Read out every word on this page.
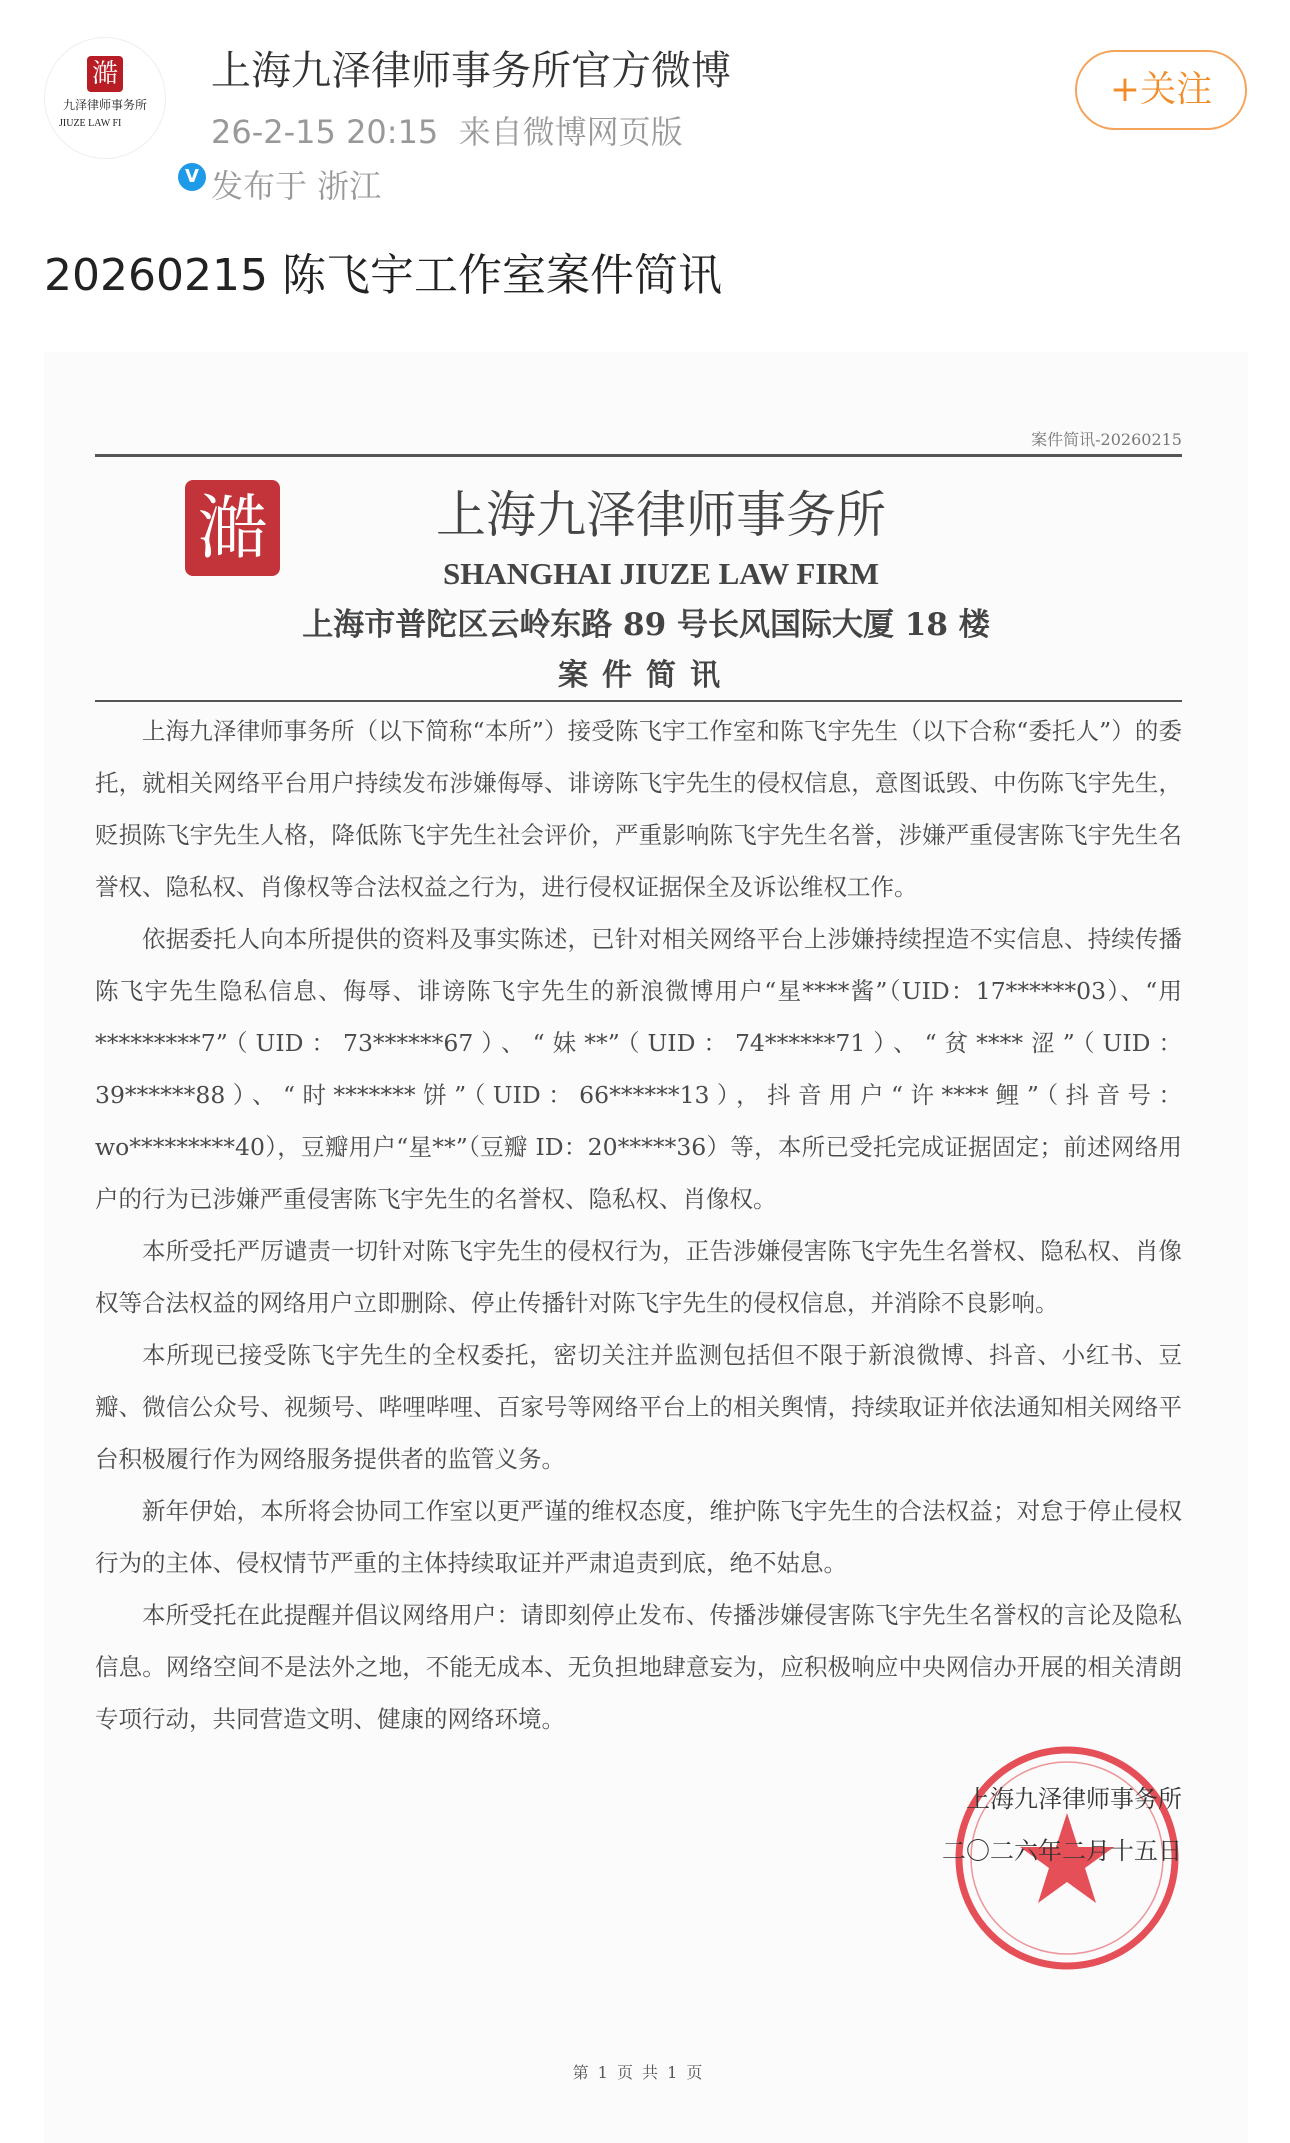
澔
九泽律师事务所
JIUZE LAW FI
V
上海九泽律师事务所官方微博
26-2-15 20:15 来自微博网页版
发布于 浙江
+关注
20260215 陈飞宇工作室案件简讯
案件简讯-20260215
澔	上海九泽律师事务所
SHANGHAI JIUZE LAW FIRM
上海市普陀区云岭东路 89 号长风国际大厦 18 楼
案件简讯

上海九泽律师事务所（以下简称“本所”）接受陈飞宇工作室和陈飞宇先生（以下合称“委托人”）的委托，就相关网络平台用户持续发布涉嫌侮辱、诽谤陈飞宇先生的侵权信息，意图诋毁、中伤陈飞宇先生，贬损陈飞宇先生人格，降低陈飞宇先生社会评价，严重影响陈飞宇先生名誉，涉嫌严重侵害陈飞宇先生名誉权、隐私权、肖像权等合法权益之行为，进行侵权证据保全及诉讼维权工作。

依据委托人向本所提供的资料及事实陈述，已针对相关网络平台上涉嫌持续捏造不实信息、持续传播陈飞宇先生隐私信息、侮辱、诽谤陈飞宇先生的新浪微博用户“星****酱”（UID：17******03）、“用*********7”（UID：73******67）、“妹**”（UID：74******71）、“贫****涩”（UID：39******88）、“时*******饼”（UID：66******13），抖音用户“许****鲤”（抖音号：wo*********40），豆瓣用户“星**”（豆瓣 ID：20*****36）等，本所已受托完成证据固定；前述网络用户的行为已涉嫌严重侵害陈飞宇先生的名誉权、隐私权、肖像权。

本所受托严厉谴责一切针对陈飞宇先生的侵权行为，正告涉嫌侵害陈飞宇先生名誉权、隐私权、肖像权等合法权益的网络用户立即删除、停止传播针对陈飞宇先生的侵权信息，并消除不良影响。

本所现已接受陈飞宇先生的全权委托，密切关注并监测包括但不限于新浪微博、抖音、小红书、豆瓣、微信公众号、视频号、哔哩哔哩、百家号等网络平台上的相关舆情，持续取证并依法通知相关网络平台积极履行作为网络服务提供者的监管义务。

新年伊始，本所将会协同工作室以更严谨的维权态度，维护陈飞宇先生的合法权益；对怠于停止侵权行为的主体、侵权情节严重的主体持续取证并严肃追责到底，绝不姑息。

本所受托在此提醒并倡议网络用户：请即刻停止发布、传播涉嫌侵害陈飞宇先生名誉权的言论及隐私信息。网络空间不是法外之地，不能无成本、无负担地肆意妄为，应积极响应中央网信办开展的相关清朗专项行动，共同营造文明、健康的网络环境。

上海九泽律师事务所
二〇二六年二月十五日
第 1 页 共 1 页
